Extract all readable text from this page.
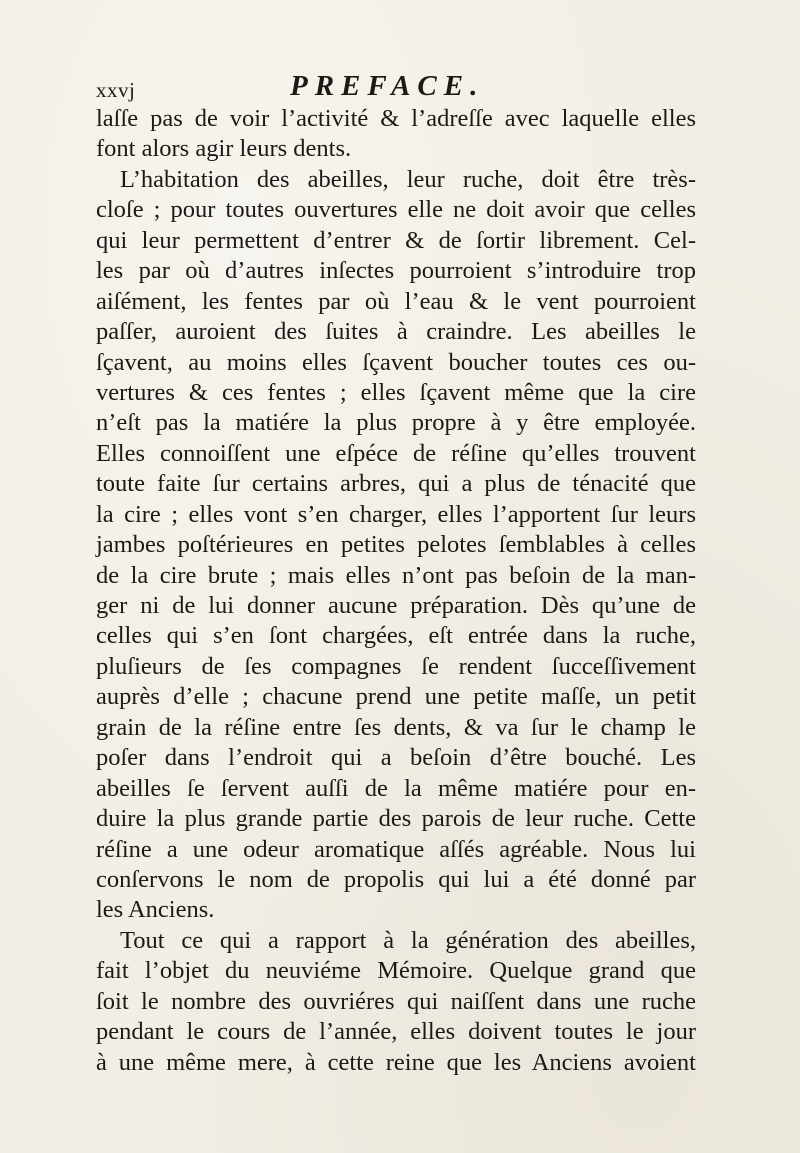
xxvj	PREFACE.
laſſe pas de voir l’activité & l’adreſſe avec laquelle elles
font alors agir leurs dents.
L’habitation des abeilles, leur ruche, doit être très-
cloſe ; pour toutes ouvertures elle ne doit avoir que celles
qui leur permettent d’entrer & de ſortir librement. Cel-
les par où d’autres inſectes pourroient s’introduire trop
aiſément, les fentes par où l’eau & le vent pourroient
paſſer, auroient des ſuites à craindre. Les abeilles le
ſçavent, au moins elles ſçavent boucher toutes ces ou-
vertures & ces fentes ; elles ſçavent même que la cire
n’eſt pas la matiére la plus propre à y être employée.
Elles connoiſſent une eſpéce de réſine qu’elles trouvent
toute faite ſur certains arbres, qui a plus de ténacité que
la cire ; elles vont s’en charger, elles l’apportent ſur leurs
jambes poſtérieures en petites pelotes ſemblables à celles
de la cire brute ; mais elles n’ont pas beſoin de la man-
ger ni de lui donner aucune préparation. Dès qu’une de
celles qui s’en ſont chargées, eſt entrée dans la ruche,
pluſieurs de ſes compagnes ſe rendent ſucceſſivement
auprès d’elle ; chacune prend une petite maſſe, un petit
grain de la réſine entre ſes dents, & va ſur le champ le
poſer dans l’endroit qui a beſoin d’être bouché. Les
abeilles ſe ſervent auſſi de la même matiére pour en-
duire la plus grande partie des parois de leur ruche. Cette
réſine a une odeur aromatique aſſés agréable. Nous lui
conſervons le nom de propolis qui lui a été donné par
les Anciens.
Tout ce qui a rapport à la génération des abeilles,
fait l’objet du neuviéme Mémoire. Quelque grand que
ſoit le nombre des ouvriéres qui naiſſent dans une ruche
pendant le cours de l’année, elles doivent toutes le jour
à une même mere, à cette reine que les Anciens avoient
